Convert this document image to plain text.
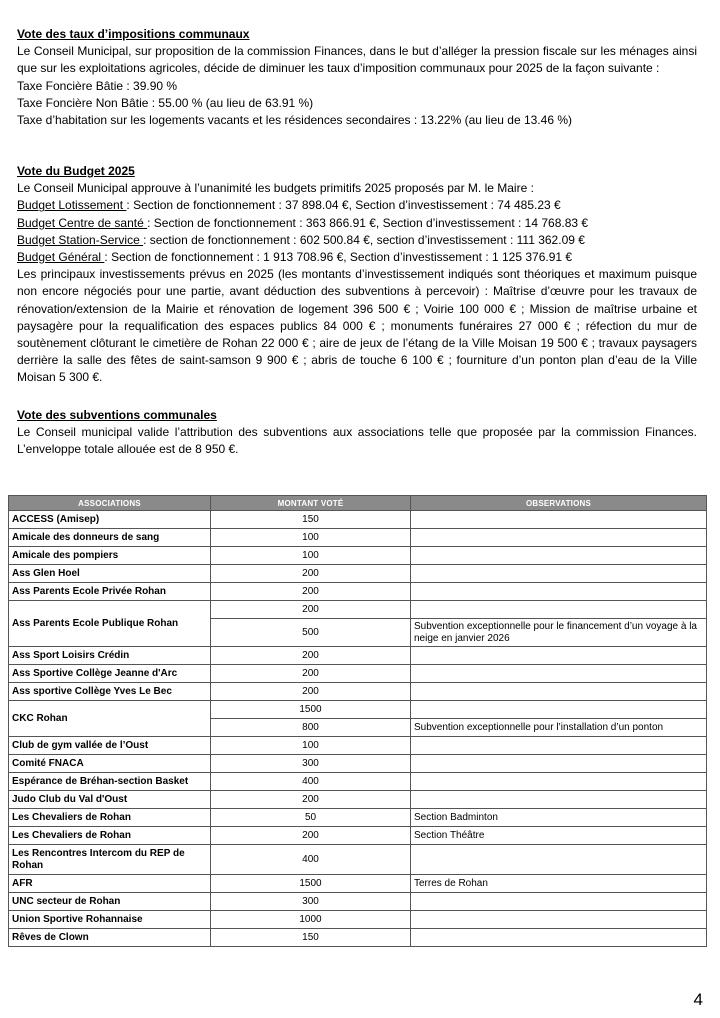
Vote des taux d’impositions communaux

Le Conseil Municipal, sur proposition de la commission Finances, dans le but d’alléger la pression fiscale sur les ménages ainsi que sur les exploitations agricoles, décide de diminuer les taux d’imposition communaux pour 2025 de la façon suivante :

Taxe Foncière Bâtie : 39.90 %

Taxe Foncière Non Bâtie : 55.00 % (au lieu de 63.91 %)

Taxe d’habitation sur les logements vacants et les résidences secondaires : 13.22% (au lieu de 13.46 %)

Vote du Budget 2025

Le Conseil Municipal approuve à l’unanimité les budgets primitifs 2025 proposés par M. le Maire :

Budget Lotissement : Section de fonctionnement : 37 898.04 €, Section d’investissement : 74 485.23 €

Budget Centre de santé : Section de fonctionnement : 363 866.91 €, Section d’investissement : 14 768.83 €

Budget Station-Service : section de fonctionnement : 602 500.84 €, section d’investissement : 111 362.09 €

Budget Général : Section de fonctionnement : 1 913 708.96 €, Section d’investissement : 1 125 376.91 €

Les principaux investissements prévus en 2025 (les montants d’investissement indiqués sont théoriques et maximum puisque non encore négociés pour une partie, avant déduction des subventions à percevoir) : Maîtrise d’œuvre pour les travaux de rénovation/extension de la Mairie et rénovation de logement 396 500 € ; Voirie 100 000 € ; Mission de maîtrise urbaine et paysagère pour la requalification des espaces publics 84 000 € ; monuments funéraires 27 000 € ; réfection du mur de soutènement clôturant le cimetière de Rohan 22 000 € ; aire de jeux de l’étang de la Ville Moisan 19 500 € ; travaux paysagers derrière la salle des fêtes de saint-samson 9 900 € ; abris de touche 6 100 € ; fourniture d’un ponton plan d’eau de la Ville Moisan 5 300 €.

Vote des subventions communales

Le Conseil municipal valide l’attribution des subventions aux associations telle que proposée par la commission Finances. L’enveloppe totale allouée est de 8 950 €.

ASSOCIATIONS	MONTANT VOTÉ	OBSERVATIONS
ACCESS (Amisep)	150	
Amicale des donneurs de sang	100	
Amicale des pompiers	100	
Ass Glen Hoel	200	
Ass Parents Ecole Privée Rohan	200	
Ass Parents Ecole Publique Rohan	200	
	500	Subvention exceptionnelle pour le financement d’un voyage à la neige en janvier 2026
Ass Sport Loisirs Crédin	200	
Ass Sportive Collège Jeanne d'Arc	200	
Ass sportive Collège Yves Le Bec	200	
CKC Rohan	1500	
	800	Subvention exceptionnelle pour l’installation d’un ponton
Club de gym vallée de l’Oust	100	
Comité FNACA	300	
Espérance de Bréhan-section Basket	400	
Judo Club du Val d'Oust	200	
Les Chevaliers de Rohan	50	Section Badminton
Les Chevaliers de Rohan	200	Section Théâtre
Les Rencontres Intercom du REP de Rohan	400	
AFR	1500	Terres de Rohan
UNC secteur de Rohan	300	
Union Sportive Rohannaise	1000	
Rêves de Clown	150	
4
